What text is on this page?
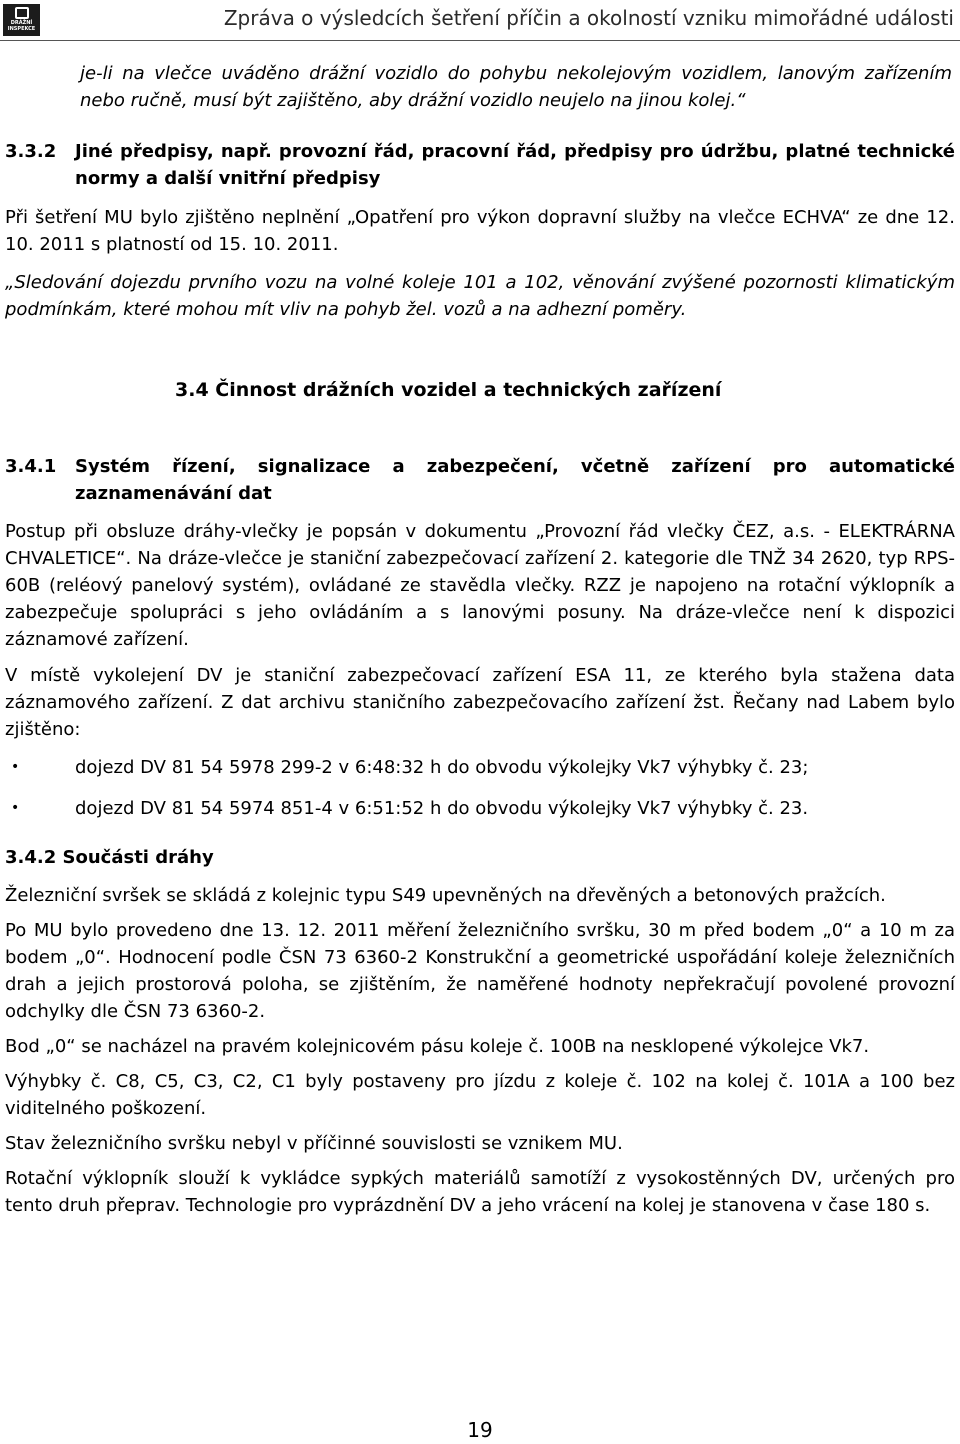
DRÁŽNÍ INSPEKCE	Zpráva o výsledcích šetření příčin a okolností vzniku mimořádné události

je-li na vlečce uváděno drážní vozidlo do pohybu nekolejovým vozidlem, lanovým zařízením nebo ručně, musí být zajištěno, aby drážní vozidlo neujelo na jinou kolej.“

3.3.2	Jiné předpisy, např. provozní řád, pracovní řád, předpisy pro údržbu, platné technické normy a další vnitřní předpisy

Při šetření MU bylo zjištěno neplnění „Opatření pro výkon dopravní služby na vlečce ECHVA“ ze dne 12. 10. 2011 s platností od 15. 10. 2011.

„Sledování dojezdu prvního vozu na volné koleje 101 a 102, věnování zvýšené pozornosti klimatickým podmínkám, které mohou mít vliv na pohyb žel. vozů a na adhezní poměry.

3.4 Činnost drážních vozidel a technických zařízení

3.4.1	Systém řízení, signalizace a zabezpečení, včetně zařízení pro automatické zaznamenávání dat

Postup při obsluze dráhy-vlečky je popsán v dokumentu „Provozní řád vlečky ČEZ, a.s. - ELEKTRÁRNA CHVALETICE“. Na dráze-vlečce je staniční zabezpečovací zařízení 2. kategorie dle TNŽ 34 2620, typ RPS-60B (reléový panelový systém), ovládané ze stavědla vlečky. RZZ je napojeno na rotační výklopník a zabezpečuje spolupráci s jeho ovládáním a s lanovými posuny. Na dráze-vlečce není k dispozici záznamové zařízení.

V místě vykolejení DV je staniční zabezpečovací zařízení ESA 11, ze kterého byla stažena data záznamového zařízení. Z dat archivu staničního zabezpečovacího zařízení žst. Řečany nad Labem bylo zjištěno:

• dojezd DV 81 54 5978 299-2 v 6:48:32 h do obvodu výkolejky Vk7 výhybky č. 23;
• dojezd DV 81 54 5974 851-4 v 6:51:52 h do obvodu výkolejky Vk7 výhybky č. 23.

3.4.2 Součásti dráhy

Železniční svršek se skládá z kolejnic typu S49 upevněných na dřevěných a betonových pražcích.

Po MU bylo provedeno dne 13. 12. 2011 měření železničního svršku, 30 m před bodem „0“ a 10 m za bodem „0“. Hodnocení podle ČSN 73 6360-2 Konstrukční a geometrické uspořádání koleje železničních drah a jejich prostorová poloha, se zjištěním, že naměřené hodnoty nepřekračují povolené provozní odchylky dle ČSN 73 6360-2.

Bod „0“ se nacházel na pravém kolejnicovém pásu koleje č. 100B na nesklopené výkolejce Vk7.

Výhybky č. C8, C5, C3, C2, C1 byly postaveny pro jízdu z koleje č. 102 na kolej č. 101A a 100 bez viditelného poškození.

Stav železničního svršku nebyl v příčinné souvislosti se vznikem MU.

Rotační výklopník slouží k vykládce sypkých materiálů samotíží z vysokostěnných DV, určených pro tento druh přeprav. Technologie pro vyprázdnění DV a jeho vrácení na kolej je stanovena v čase 180 s.

19
